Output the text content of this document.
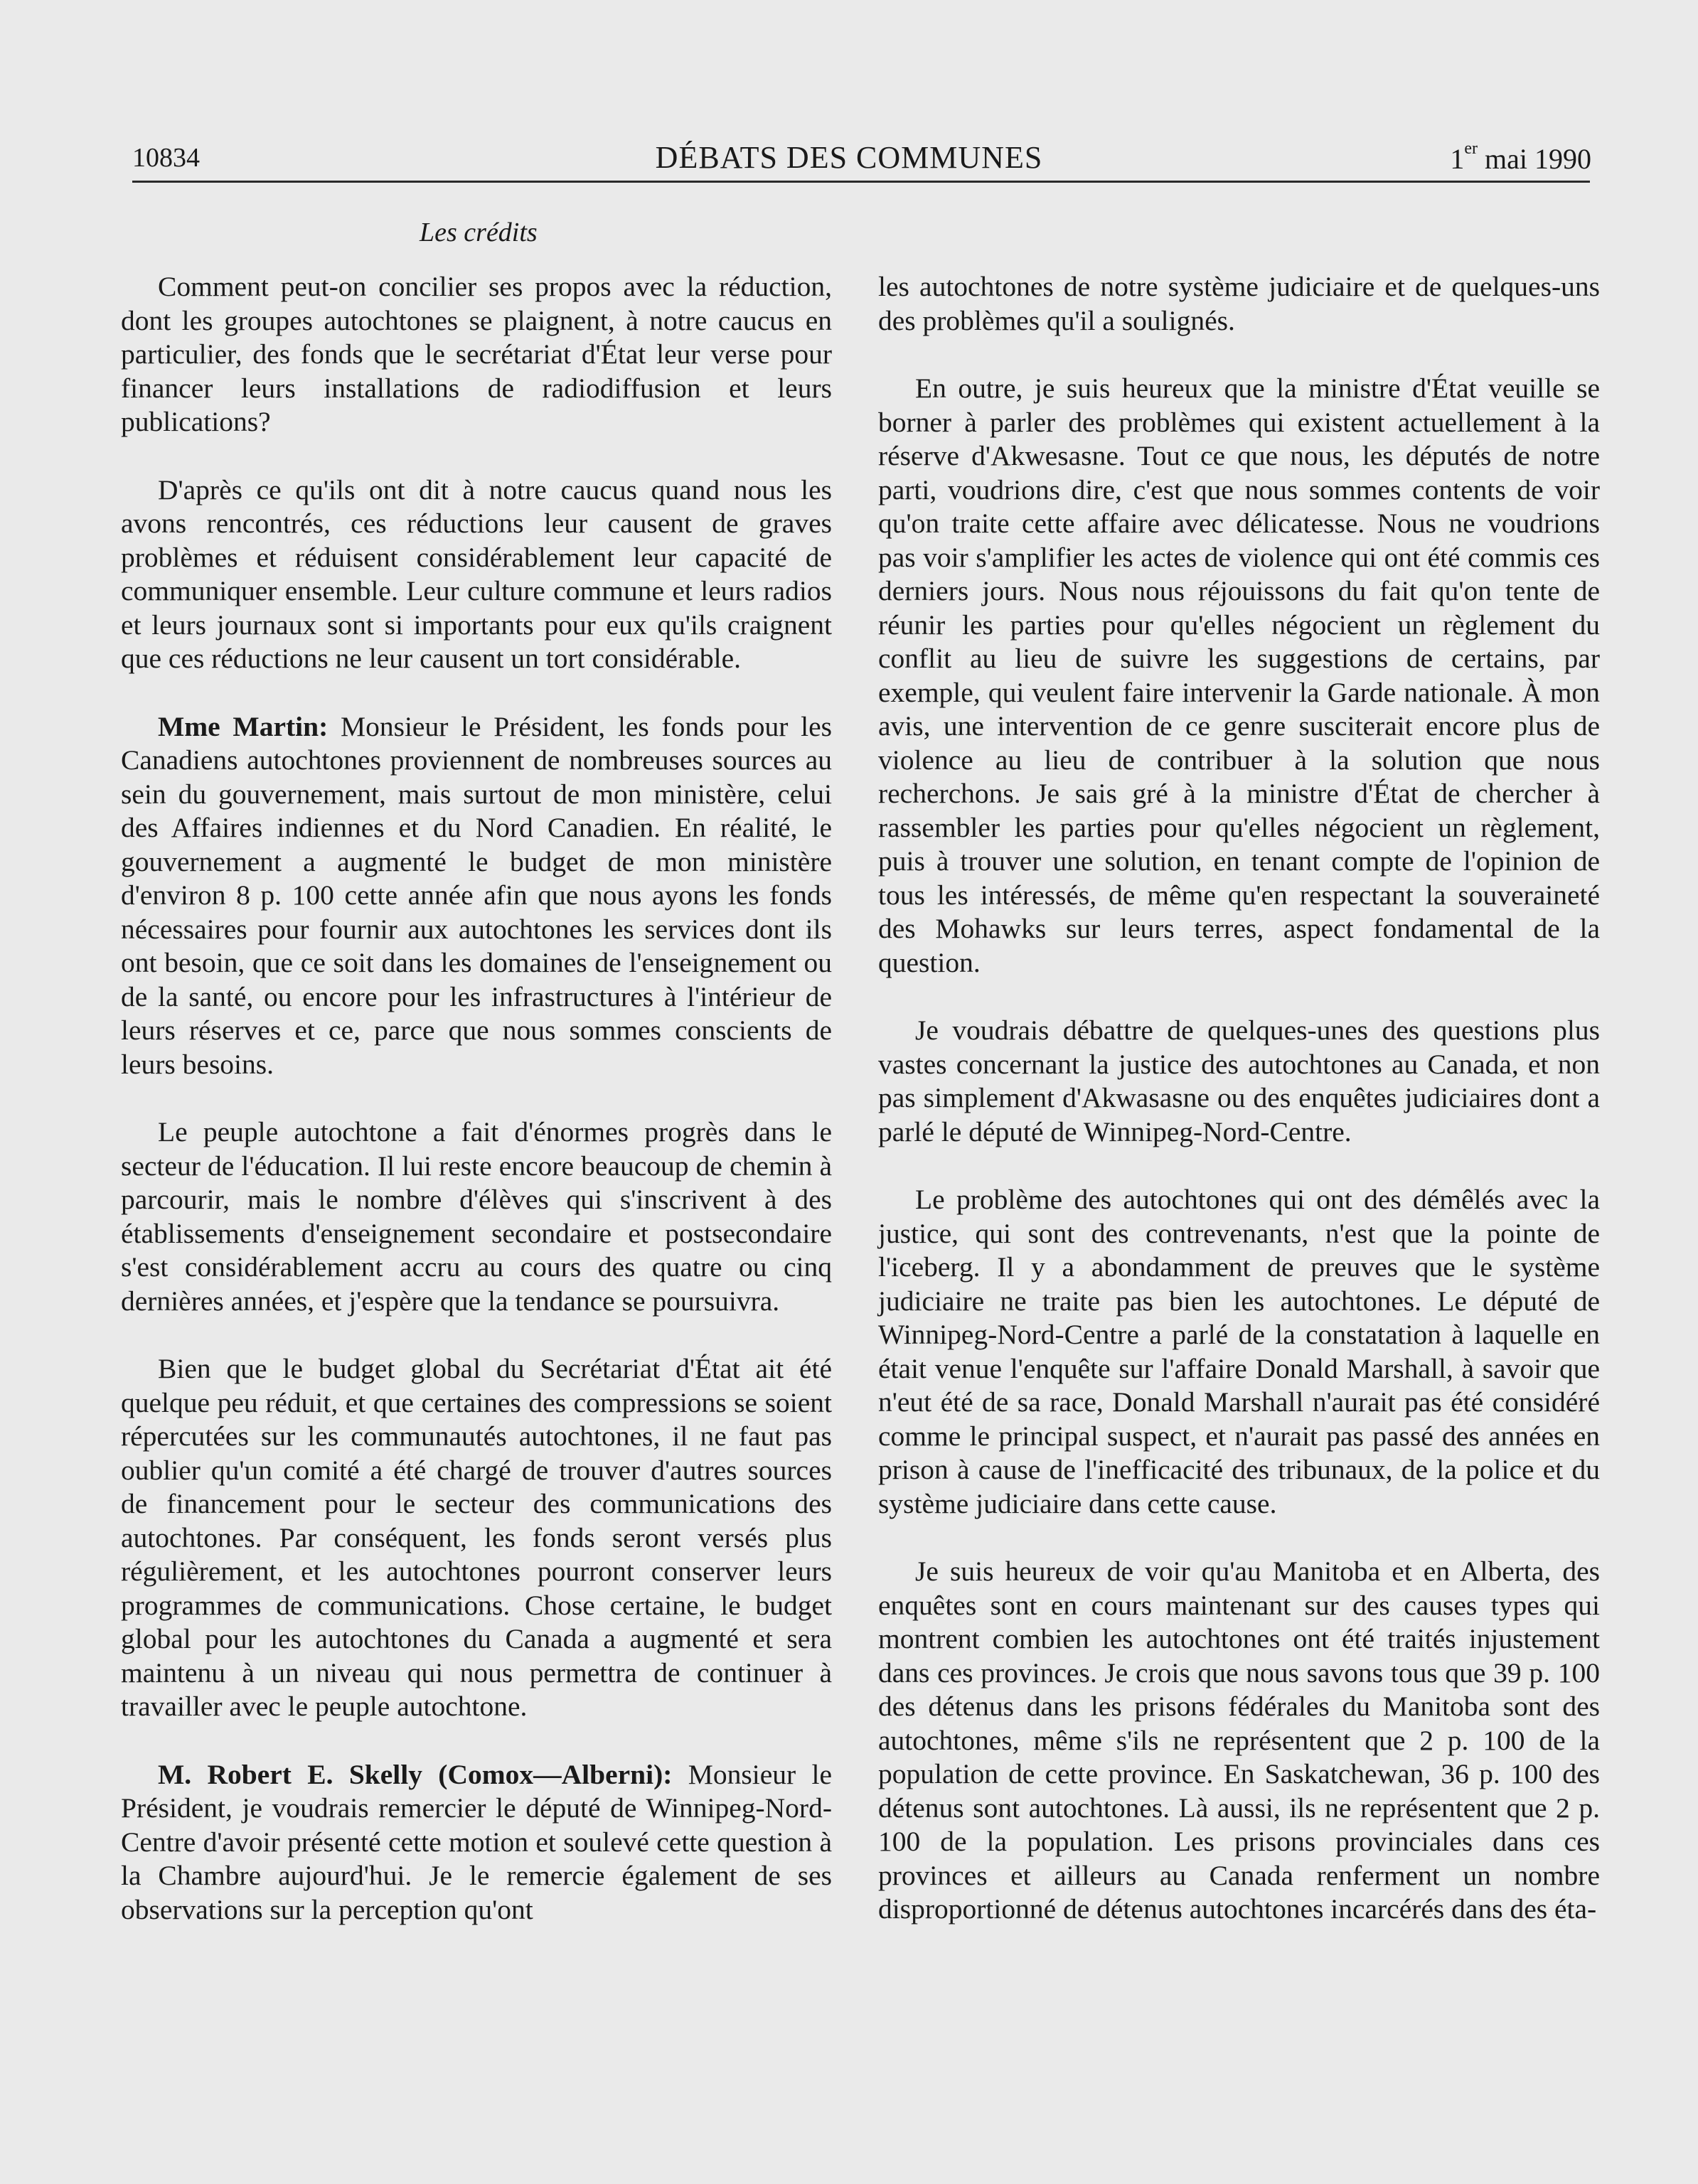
10834	DÉBATS DES COMMUNES	1er mai 1990
Les crédits

Comment peut-on concilier ses propos avec la réduction, dont les groupes autochtones se plaignent, à notre caucus en particulier, des fonds que le secrétariat d'État leur verse pour financer leurs installations de radiodiffusion et leurs publications?

D'après ce qu'ils ont dit à notre caucus quand nous les avons rencontrés, ces réductions leur causent de graves problèmes et réduisent considérablement leur capacité de communiquer ensemble. Leur culture commune et leurs radios et leurs journaux sont si importants pour eux qu'ils craignent que ces réductions ne leur causent un tort considérable.

Mme Martin: Monsieur le Président, les fonds pour les Canadiens autochtones proviennent de nombreuses sources au sein du gouvernement, mais surtout de mon ministère, celui des Affaires indiennes et du Nord Canadien. En réalité, le gouvernement a augmenté le budget de mon ministère d'environ 8 p. 100 cette année afin que nous ayons les fonds nécessaires pour fournir aux autochtones les services dont ils ont besoin, que ce soit dans les domaines de l'enseignement ou de la santé, ou encore pour les infrastructures à l'intérieur de leurs réserves et ce, parce que nous sommes conscients de leurs besoins.

Le peuple autochtone a fait d'énormes progrès dans le secteur de l'éducation. Il lui reste encore beaucoup de chemin à parcourir, mais le nombre d'élèves qui s'inscrivent à des établissements d'enseignement secondaire et postsecondaire s'est considérablement accru au cours des quatre ou cinq dernières années, et j'espère que la tendance se poursuivra.

Bien que le budget global du Secrétariat d'État ait été quelque peu réduit, et que certaines des compressions se soient répercutées sur les communautés autochtones, il ne faut pas oublier qu'un comité a été chargé de trouver d'autres sources de financement pour le secteur des communications des autochtones. Par conséquent, les fonds seront versés plus régulièrement, et les autochtones pourront conserver leurs programmes de communications. Chose certaine, le budget global pour les autochtones du Canada a augmenté et sera maintenu à un niveau qui nous permettra de continuer à travailler avec le peuple autochtone.

M. Robert E. Skelly (Comox—Alberni): Monsieur le Président, je voudrais remercier le député de Winnipeg-Nord-Centre d'avoir présenté cette motion et soulevé cette question à la Chambre aujourd'hui. Je le remercie également de ses observations sur la perception qu'ont

les autochtones de notre système judiciaire et de quelques-uns des problèmes qu'il a soulignés.

En outre, je suis heureux que la ministre d'État veuille se borner à parler des problèmes qui existent actuellement à la réserve d'Akwesasne. Tout ce que nous, les députés de notre parti, voudrions dire, c'est que nous sommes contents de voir qu'on traite cette affaire avec délicatesse. Nous ne voudrions pas voir s'amplifier les actes de violence qui ont été commis ces derniers jours. Nous nous réjouissons du fait qu'on tente de réunir les parties pour qu'elles négocient un règlement du conflit au lieu de suivre les suggestions de certains, par exemple, qui veulent faire intervenir la Garde nationale. À mon avis, une intervention de ce genre susciterait encore plus de violence au lieu de contribuer à la solution que nous recherchons. Je sais gré à la ministre d'État de chercher à rassembler les parties pour qu'elles négocient un règlement, puis à trouver une solution, en tenant compte de l'opinion de tous les intéressés, de même qu'en respectant la souveraineté des Mohawks sur leurs terres, aspect fondamental de la question.

Je voudrais débattre de quelques-unes des questions plus vastes concernant la justice des autochtones au Canada, et non pas simplement d'Akwasasne ou des enquêtes judiciaires dont a parlé le député de Winnipeg-Nord-Centre.

Le problème des autochtones qui ont des démêlés avec la justice, qui sont des contrevenants, n'est que la pointe de l'iceberg. Il y a abondamment de preuves que le système judiciaire ne traite pas bien les autochtones. Le député de Winnipeg-Nord-Centre a parlé de la constatation à laquelle en était venue l'enquête sur l'affaire Donald Marshall, à savoir que n'eut été de sa race, Donald Marshall n'aurait pas été considéré comme le principal suspect, et n'aurait pas passé des années en prison à cause de l'inefficacité des tribunaux, de la police et du système judiciaire dans cette cause.

Je suis heureux de voir qu'au Manitoba et en Alberta, des enquêtes sont en cours maintenant sur des causes types qui montrent combien les autochtones ont été traités injustement dans ces provinces. Je crois que nous savons tous que 39 p. 100 des détenus dans les prisons fédérales du Manitoba sont des autochtones, même s'ils ne représentent que 2 p. 100 de la population de cette province. En Saskatchewan, 36 p. 100 des détenus sont autochtones. Là aussi, ils ne représentent que 2 p. 100 de la population. Les prisons provinciales dans ces provinces et ailleurs au Canada renferment un nombre disproportionné de détenus autochtones incarcérés dans des éta-
